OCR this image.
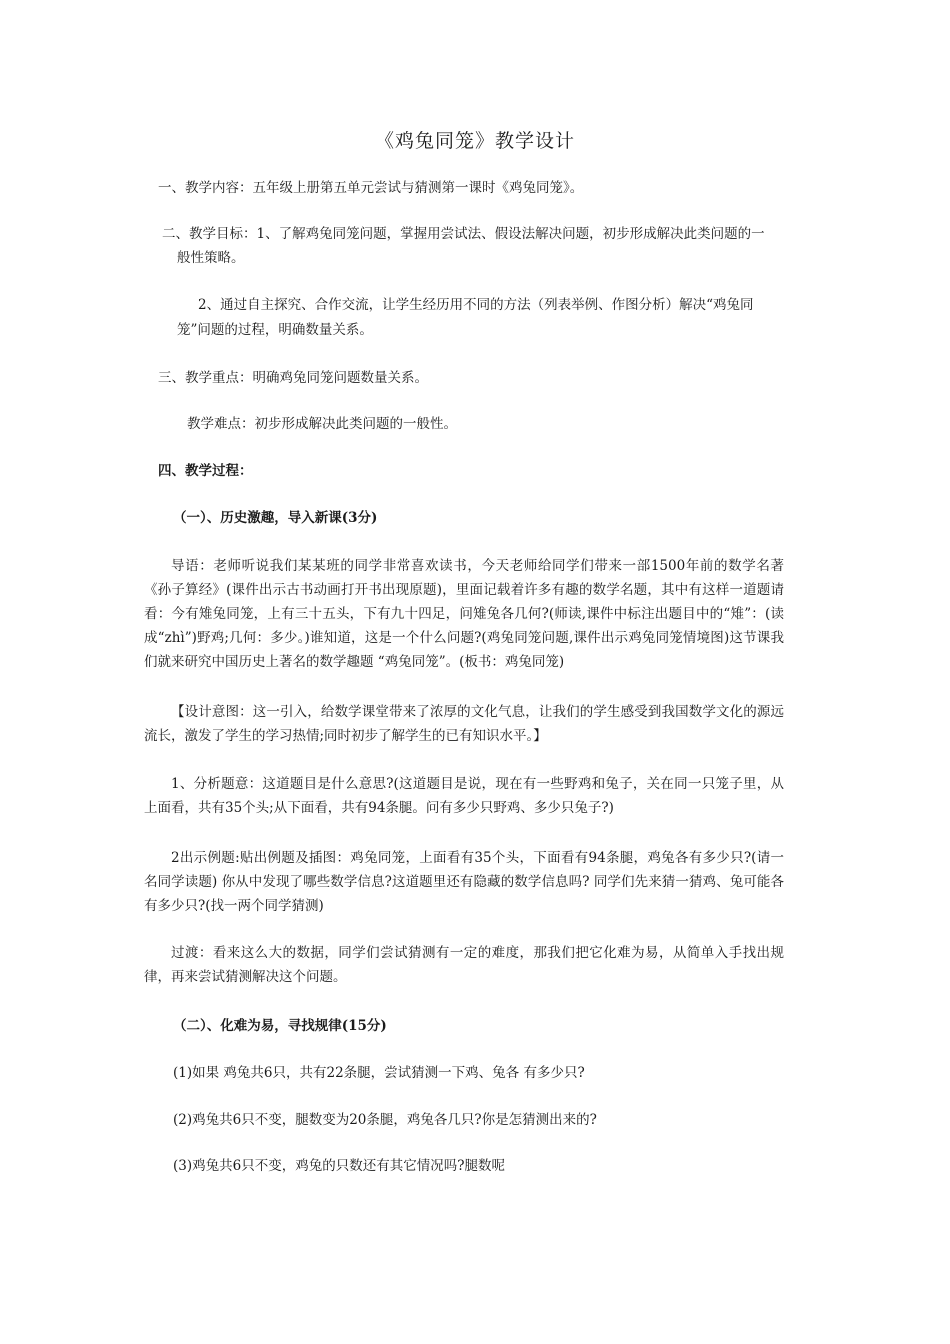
《鸡兔同笼》教学设计
一、教学内容：五年级上册第五单元尝试与猜测第一课时《鸡兔同笼》。
二、教学目标：1、了解鸡兔同笼问题，掌握用尝试法、假设法解决问题，初步形成解决此类问题的一
般性策略。
2、通过自主探究、合作交流，让学生经历用不同的方法（列表举例、作图分析）解决“鸡兔同
笼”问题的过程，明确数量关系。
三、教学重点：明确鸡兔同笼问题数量关系。
教学难点：初步形成解决此类问题的一般性。
四、教学过程：
（一）、历史激趣，导入新课(3分)
导语：老师听说我们某某班的同学非常喜欢读书，今天老师给同学们带来一部1500年前的数学名著《孙子算经》(课件出示古书动画打开书出现原题)，里面记载着许多有趣的数学名题，其中有这样一道题请看：今有雉兔同笼，上有三十五头，下有九十四足，问雉兔各几何?(师读,课件中标注出题目中的“雉”：(读成“zhì”)野鸡;几何：多少。)谁知道，这是一个什么问题?(鸡兔同笼问题,课件出示鸡兔同笼情境图)这节课我们就来研究中国历史上著名的数学趣题 “鸡兔同笼”。(板书：鸡兔同笼)
【设计意图：这一引入，给数学课堂带来了浓厚的文化气息，让我们的学生感受到我国数学文化的源远流长，激发了学生的学习热情;同时初步了解学生的已有知识水平。】
1、分析题意：这道题目是什么意思?(这道题目是说，现在有一些野鸡和兔子，关在同一只笼子里，从上面看，共有35个头;从下面看，共有94条腿。问有多少只野鸡、多少只兔子?)
2出示例题:贴出例题及插图：鸡兔同笼，上面看有35个头，下面看有94条腿，鸡兔各有多少只?(请一名同学读题) 你从中发现了哪些数学信息?这道题里还有隐藏的数学信息吗? 同学们先来猜一猜鸡、兔可能各有多少只?(找一两个同学猜测)
过渡：看来这么大的数据，同学们尝试猜测有一定的难度，那我们把它化难为易，从简单入手找出规律，再来尝试猜测解决这个问题。
（二）、化难为易，寻找规律(15分)
(1)如果 鸡兔共6只，共有22条腿，尝试猜测一下鸡、兔各 有多少只?
(2)鸡兔共6只不变，腿数变为20条腿，鸡兔各几只?你是怎猜测出来的?
(3)鸡兔共6只不变，鸡兔的只数还有其它情况吗?腿数呢
